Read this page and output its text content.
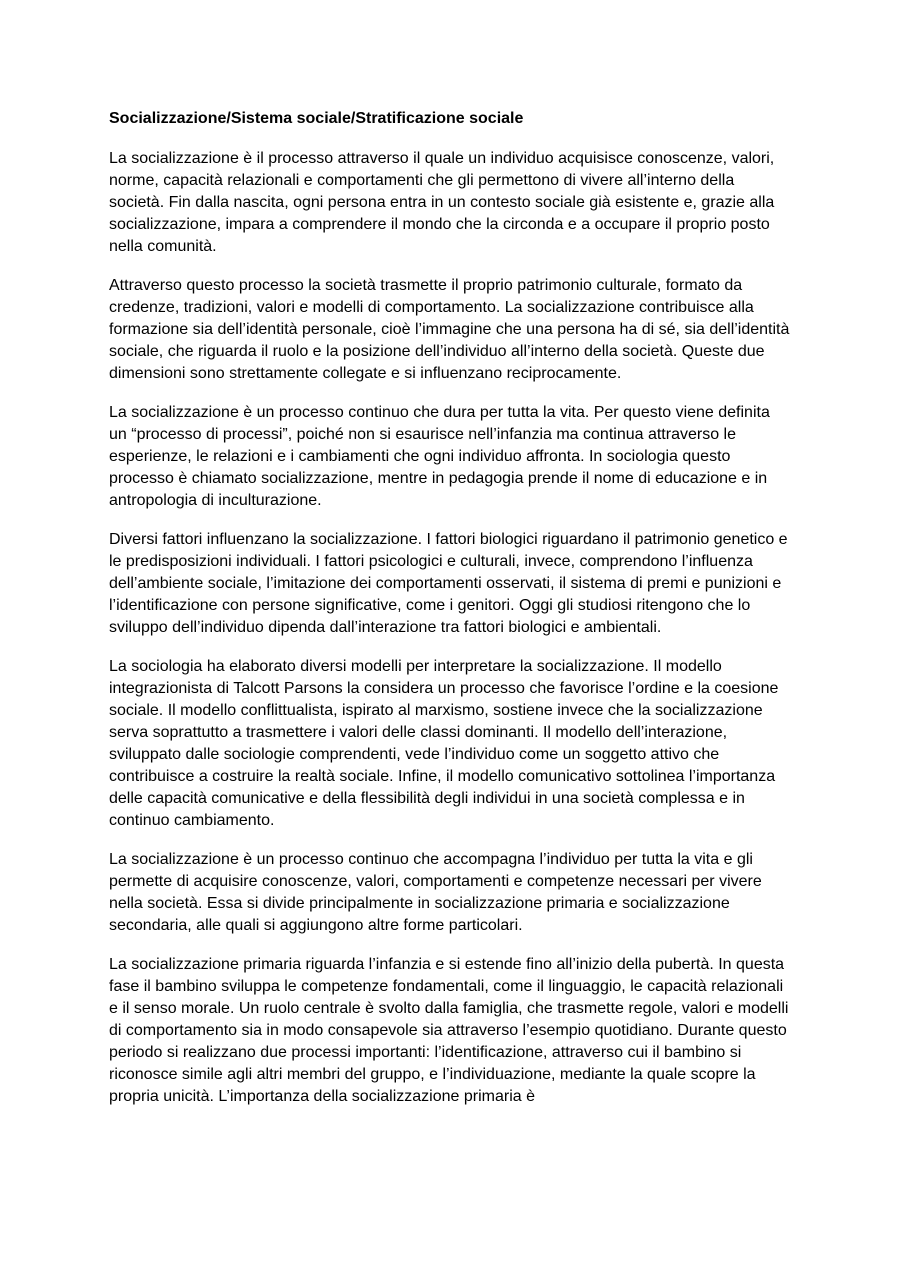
Socializzazione/Sistema sociale/Stratificazione sociale

La socializzazione è il processo attraverso il quale un individuo acquisisce conoscenze, valori, norme, capacità relazionali e comportamenti che gli permettono di vivere all’interno della società. Fin dalla nascita, ogni persona entra in un contesto sociale già esistente e, grazie alla socializzazione, impara a comprendere il mondo che la circonda e a occupare il proprio posto nella comunità.

Attraverso questo processo la società trasmette il proprio patrimonio culturale, formato da credenze, tradizioni, valori e modelli di comportamento. La socializzazione contribuisce alla formazione sia dell’identità personale, cioè l’immagine che una persona ha di sé, sia dell’identità sociale, che riguarda il ruolo e la posizione dell’individuo all’interno della società. Queste due dimensioni sono strettamente collegate e si influenzano reciprocamente.

La socializzazione è un processo continuo che dura per tutta la vita. Per questo viene definita un “processo di processi”, poiché non si esaurisce nell’infanzia ma continua attraverso le esperienze, le relazioni e i cambiamenti che ogni individuo affronta. In sociologia questo processo è chiamato socializzazione, mentre in pedagogia prende il nome di educazione e in antropologia di inculturazione.

Diversi fattori influenzano la socializzazione. I fattori biologici riguardano il patrimonio genetico e le predisposizioni individuali. I fattori psicologici e culturali, invece, comprendono l’influenza dell’ambiente sociale, l’imitazione dei comportamenti osservati, il sistema di premi e punizioni e l’identificazione con persone significative, come i genitori. Oggi gli studiosi ritengono che lo sviluppo dell’individuo dipenda dall’interazione tra fattori biologici e ambientali.

La sociologia ha elaborato diversi modelli per interpretare la socializzazione. Il modello integrazionista di Talcott Parsons la considera un processo che favorisce l’ordine e la coesione sociale. Il modello conflittualista, ispirato al marxismo, sostiene invece che la socializzazione serva soprattutto a trasmettere i valori delle classi dominanti. Il modello dell’interazione, sviluppato dalle sociologie comprendenti, vede l’individuo come un soggetto attivo che contribuisce a costruire la realtà sociale. Infine, il modello comunicativo sottolinea l’importanza delle capacità comunicative e della flessibilità degli individui in una società complessa e in continuo cambiamento.

La socializzazione è un processo continuo che accompagna l’individuo per tutta la vita e gli permette di acquisire conoscenze, valori, comportamenti e competenze necessari per vivere nella società. Essa si divide principalmente in socializzazione primaria e socializzazione secondaria, alle quali si aggiungono altre forme particolari.

La socializzazione primaria riguarda l’infanzia e si estende fino all’inizio della pubertà. In questa fase il bambino sviluppa le competenze fondamentali, come il linguaggio, le capacità relazionali e il senso morale. Un ruolo centrale è svolto dalla famiglia, che trasmette regole, valori e modelli di comportamento sia in modo consapevole sia attraverso l’esempio quotidiano. Durante questo periodo si realizzano due processi importanti: l’identificazione, attraverso cui il bambino si riconosce simile agli altri membri del gruppo, e l’individuazione, mediante la quale scopre la propria unicità. L’importanza della socializzazione primaria è
